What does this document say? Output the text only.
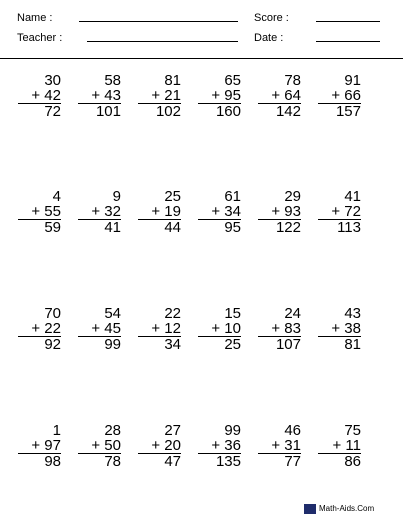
Name :	Score :
Teacher :	Date :
30
+ 42
72
58
+ 43
101
81
+ 21
102
65
+ 95
160
78
+ 64
142
91
+ 66
157
4
+ 55
59
9
+ 32
41
25
+ 19
44
61
+ 34
95
29
+ 93
122
41
+ 72
113
70
+ 22
92
54
+ 45
99
22
+ 12
34
15
+ 10
25
24
+ 83
107
43
+ 38
81
1
+ 97
98
28
+ 50
78
27
+ 20
47
99
+ 36
135
46
+ 31
77
75
+ 11
86
Math-Aids.Com
